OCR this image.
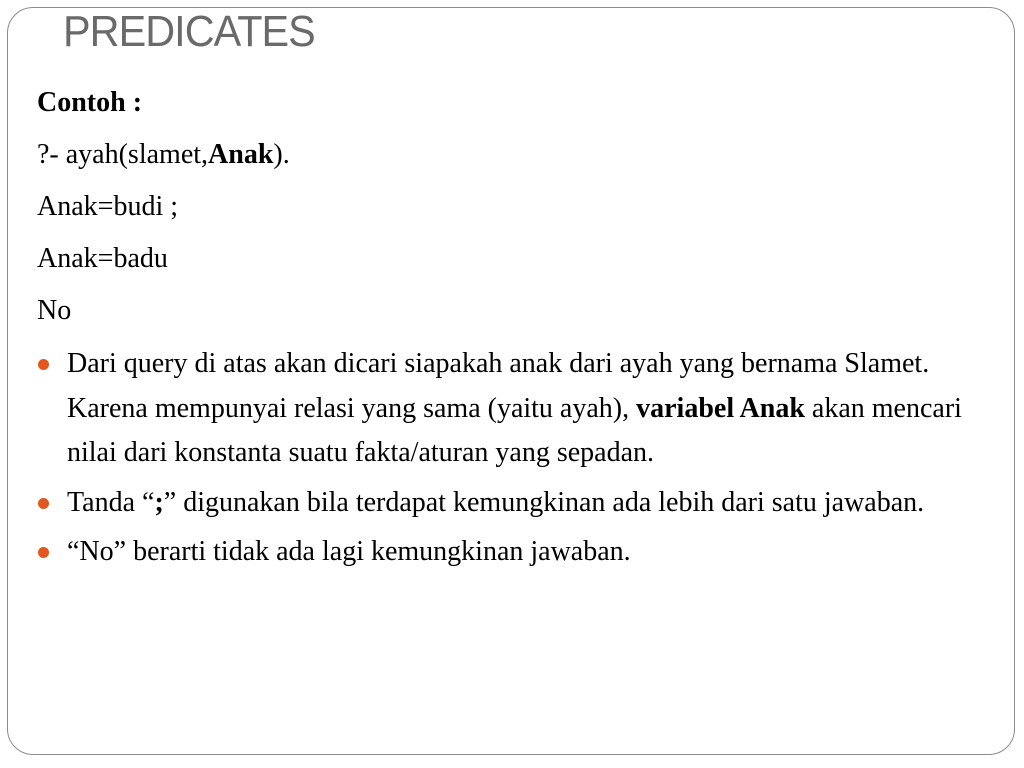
PREDICATES
Contoh :
?- ayah(slamet,Anak).
Anak=budi ;
Anak=badu
No
Dari query di atas akan dicari siapakah anak dari ayah yang bernama Slamet. Karena mempunyai relasi yang sama (yaitu ayah), variabel Anak akan mencari nilai dari konstanta suatu fakta/aturan yang sepadan.
Tanda “;” digunakan bila terdapat kemungkinan ada lebih dari satu jawaban.
“No” berarti tidak ada lagi kemungkinan jawaban.
